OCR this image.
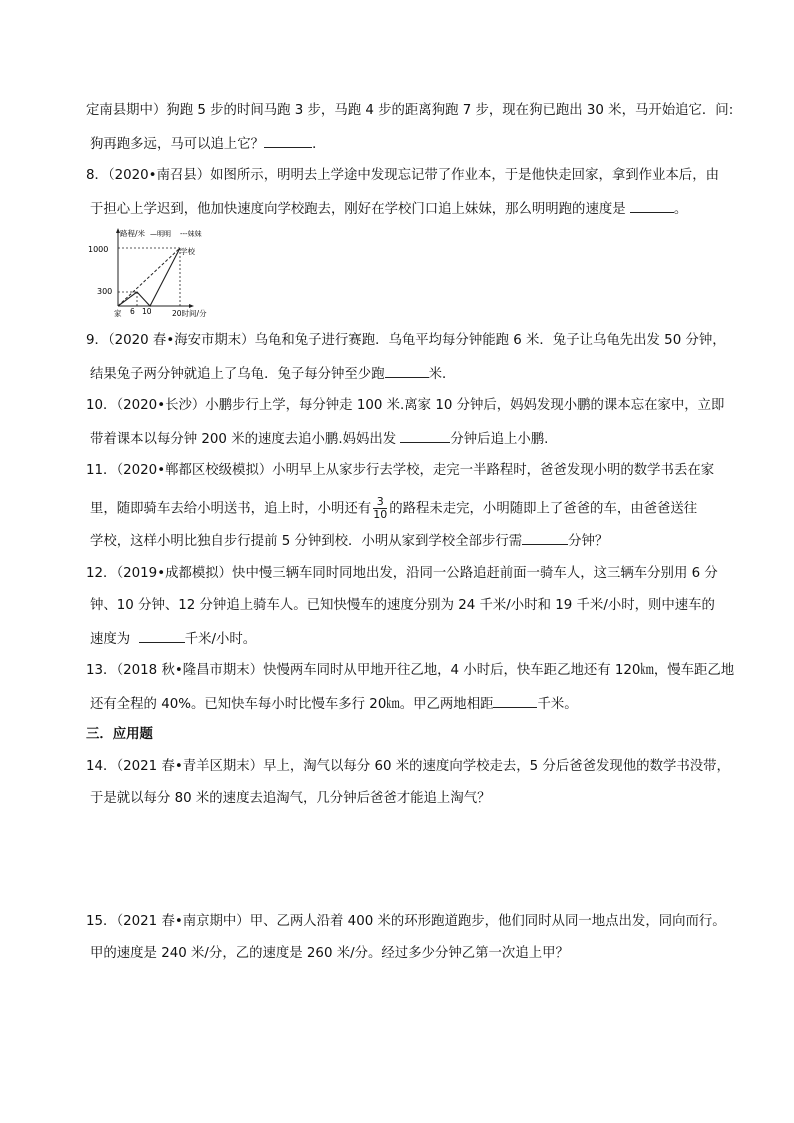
定南县期中）狗跑 5 步的时间马跑 3 步，马跑 4 步的距离狗跑 7 步，现在狗已跑出 30 米，马开始追它．问:
狗再跑多远，马可以追上它？	．
8．（2020•南召县）如图所示，明明去上学途中发现忘记带了作业本，于是他快走回家，拿到作业本后，由
于担心上学迟到，他加快速度向学校跑去，刚好在学校门口追上妹妹，那么明明跑的速度是	。
路程/米 —明明 ---妹妹
1000
300
学校
家 6 10	20时间/分
9．（2020 春•海安市期末）乌龟和兔子进行赛跑．乌龟平均每分钟能跑 6 米．兔子让乌龟先出发 50 分钟，
结果兔子两分钟就追上了乌龟．兔子每分钟至少跑	米．
10．（2020•长沙）小鹏步行上学，每分钟走 100 米.离家 10 分钟后，妈妈发现小鹏的课本忘在家中，立即
带着课本以每分钟 200 米的速度去追小鹏.妈妈出发	分钟后追上小鹏.
11．（2020•郸都区校级模拟）小明早上从家步行去学校，走完一半路程时，爸爸发现小明的数学书丢在家
里，随即骑车去给小明送书，追上时，小明还有 $\frac{3}{10}$ 的路程未走完，小明随即上了爸爸的车，由爸爸送往
学校，这样小明比独自步行提前 5 分钟到校．小明从家到学校全部步行需	分钟？
12．（2019•成都模拟）快中慢三辆车同时同地出发，沿同一公路追赶前面一骑车人，这三辆车分别用 6 分
钟、10 分钟、12 分钟追上骑车人。已知快慢车的速度分别为 24 千米/小时和 19 千米/小时，则中速车的
速度为	千米/小时。
13．（2018 秋•隆昌市期末）快慢两车同时从甲地开往乙地，4 小时后，快车距乙地还有 120㎞，慢车距乙地
还有全程的 40%。已知快车每小时比慢车多行 20㎞。甲乙两地相距	千米。
三．应用题
14．（2021 春•青羊区期末）早上，淘气以每分 60 米的速度向学校走去，5 分后爸爸发现他的数学书没带，
于是就以每分 80 米的速度去追淘气，几分钟后爸爸才能追上淘气？
15．（2021 春•南京期中）甲、乙两人沿着 400 米的环形跑道跑步，他们同时从同一地点出发，同向而行。
甲的速度是 240 米/分，乙的速度是 260 米/分。经过多少分钟乙第一次追上甲？
